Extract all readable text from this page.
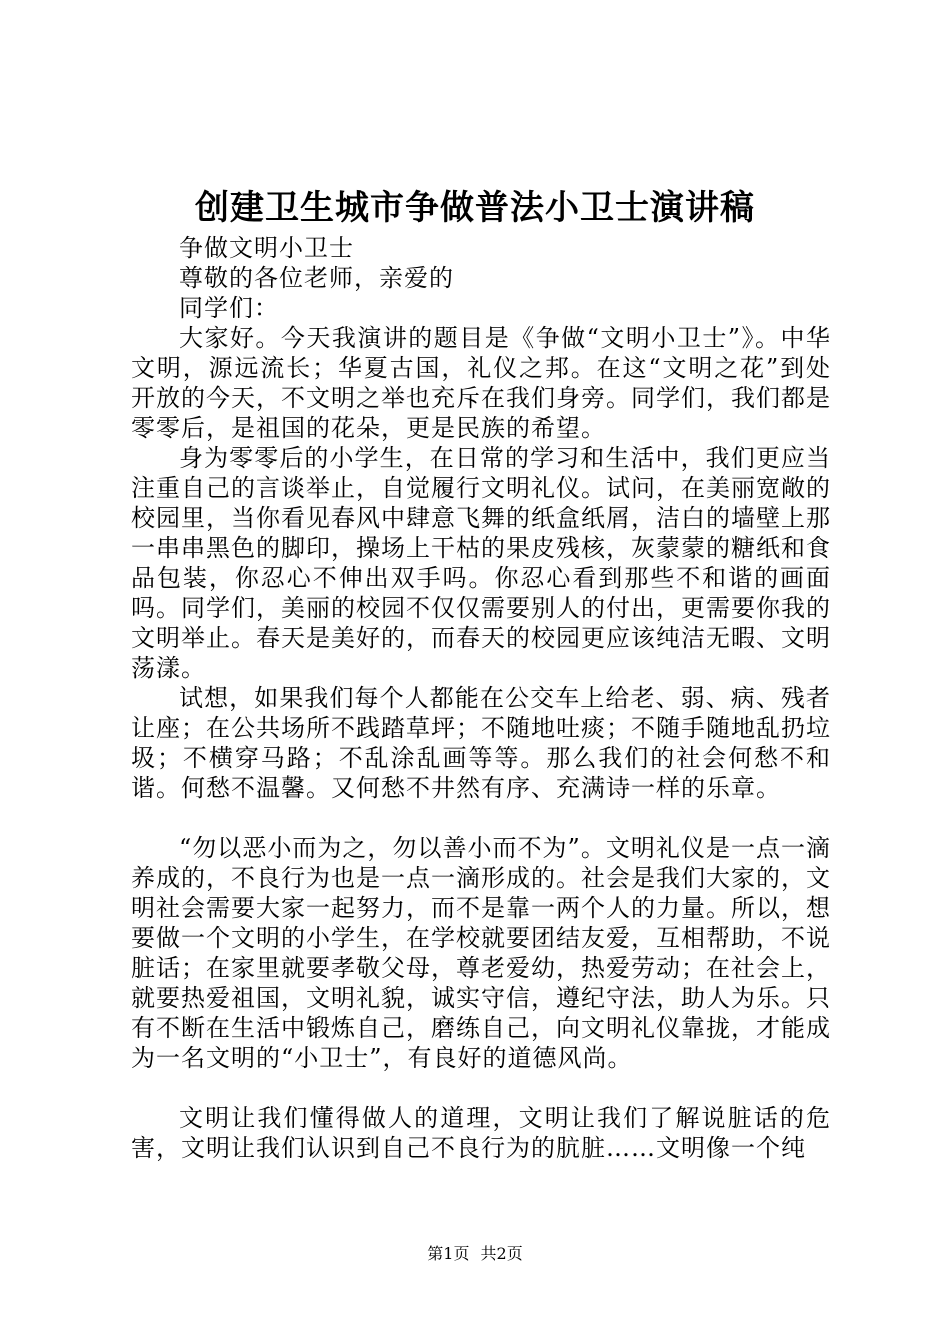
创建卫生城市争做普法小卫士演讲稿

争做文明小卫士

尊敬的各位老师，亲爱的

同学们：

大家好。今天我演讲的题目是《争做“文明小卫士”》。中华文明，源远流长；华夏古国，礼仪之邦。在这“文明之花”到处开放的今天，不文明之举也充斥在我们身旁。同学们，我们都是零零后，是祖国的花朵，更是民族的希望。

身为零零后的小学生，在日常的学习和生活中，我们更应当注重自己的言谈举止，自觉履行文明礼仪。试问，在美丽宽敞的校园里，当你看见春风中肆意飞舞的纸盒纸屑，洁白的墙壁上那一串串黑色的脚印，操场上干枯的果皮残核，灰蒙蒙的糖纸和食品包装，你忍心不伸出双手吗。你忍心看到那些不和谐的画面吗。同学们，美丽的校园不仅仅需要别人的付出，更需要你我的文明举止。春天是美好的，而春天的校园更应该纯洁无暇、文明荡漾。

试想，如果我们每个人都能在公交车上给老、弱、病、残者让座；在公共场所不践踏草坪；不随地吐痰；不随手随地乱扔垃圾；不横穿马路；不乱涂乱画等等。那么我们的社会何愁不和谐。何愁不温馨。又何愁不井然有序、充满诗一样的乐章。

“勿以恶小而为之，勿以善小而不为”。文明礼仪是一点一滴养成的，不良行为也是一点一滴形成的。社会是我们大家的，文明社会需要大家一起努力，而不是靠一两个人的力量。所以，想要做一个文明的小学生，在学校就要团结友爱，互相帮助，不说脏话；在家里就要孝敬父母，尊老爱幼，热爱劳动；在社会上，就要热爱祖国，文明礼貌，诚实守信，遵纪守法，助人为乐。只有不断在生活中锻炼自己，磨练自己，向文明礼仪靠拢，才能成为一名文明的“小卫士”，有良好的道德风尚。

文明让我们懂得做人的道理，文明让我们了解说脏话的危害，文明让我们认识到自己不良行为的肮脏……文明像一个纯

第1页 共2页
